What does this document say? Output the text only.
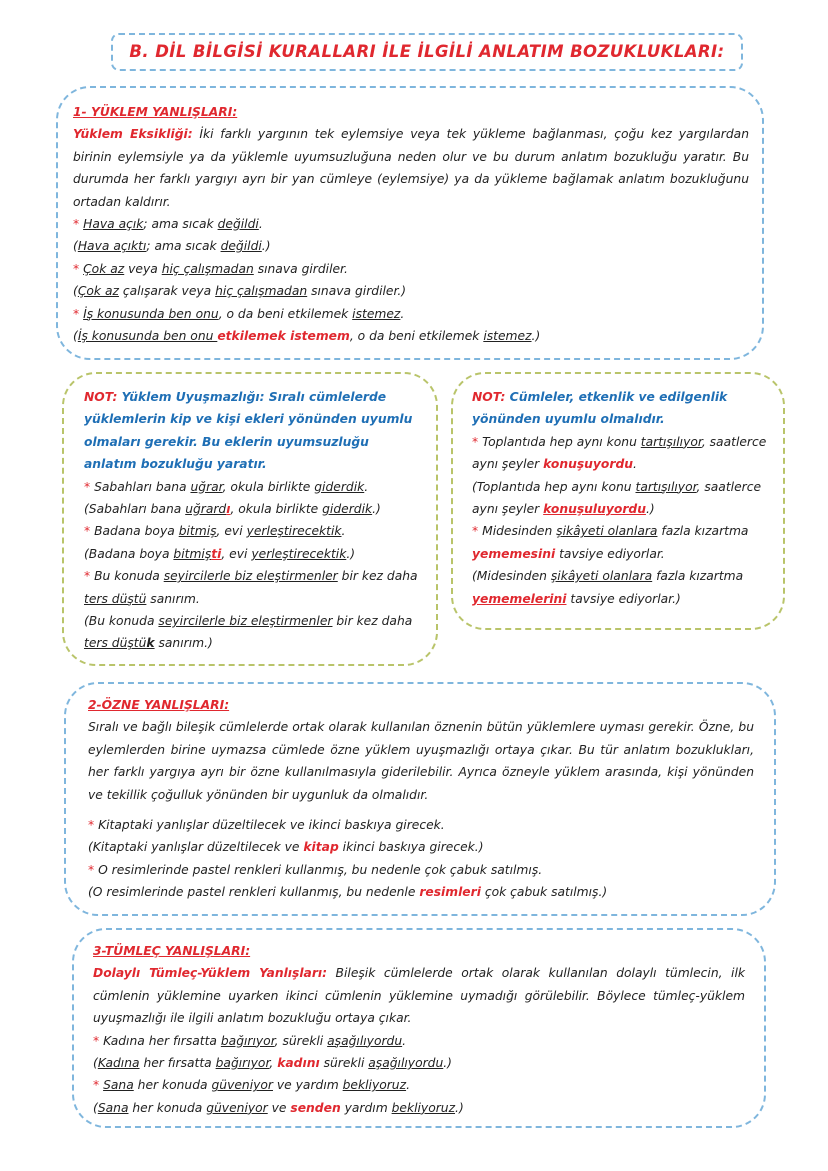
B. DİL BİLGİSİ KURALLARI İLE İLGİLİ ANLATIM BOZUKLUKLARI:

1- YÜKLEM YANLIŞLARI:

Yüklem Eksikliği: İki farklı yargının tek eylemsiye veya tek yükleme bağlanması, çoğu kez yargılardan birinin eylemsiyle ya da yüklemle uyumsuzluğuna neden olur ve bu durum anlatım bozukluğu yaratır. Bu durumda her farklı yargıyı ayrı bir yan cümleye (eylemsiye) ya da yükleme bağlamak anlatım bozukluğunu ortadan kaldırır.

* Hava açık; ama sıcak değildi.

(Hava açıktı; ama sıcak değildi.)

* Çok az veya hiç çalışmadan sınava girdiler.

(Çok az çalışarak veya hiç çalışmadan sınava girdiler.)

* İş konusunda ben onu, o da beni etkilemek istemez.

(İş konusunda ben onu etkilemek istemem, o da beni etkilemek istemez.)

NOT: Yüklem Uyuşmazlığı: Sıralı cümlelerde yüklemlerin kip ve kişi ekleri yönünden uyumlu olmaları gerekir. Bu eklerin uyumsuzluğu anlatım bozukluğu yaratır.

* Sabahları bana uğrar, okula birlikte giderdik.

(Sabahları bana uğrardı, okula birlikte giderdik.)

* Badana boya bitmiş, evi yerleştirecektik.

(Badana boya bitmişti, evi yerleştirecektik.)

* Bu konuda seyircilerle biz eleştirmenler bir kez daha ters düştü sanırım.

(Bu konuda seyircilerle biz eleştirmenler bir kez daha ters düştük sanırım.)

NOT: Cümleler, etkenlik ve edilgenlik yönünden uyumlu olmalıdır.

* Toplantıda hep aynı konu tartışılıyor, saatlerce aynı şeyler konuşuyordu.

(Toplantıda hep aynı konu tartışılıyor, saatlerce aynı şeyler konuşuluyordu.)

* Midesinden şikâyeti olanlara fazla kızartma yememesini tavsiye ediyorlar.

(Midesinden şikâyeti olanlara fazla kızartma yememelerini tavsiye ediyorlar.)

2-ÖZNE YANLIŞLARI:

Sıralı ve bağlı bileşik cümlelerde ortak olarak kullanılan öznenin bütün yüklemlere uyması gerekir. Özne, bu eylemlerden birine uymazsa cümlede özne yüklem uyuşmazlığı ortaya çıkar. Bu tür anlatım bozuklukları, her farklı yargıya ayrı bir özne kullanılmasıyla giderilebilir. Ayrıca özneyle yüklem arasında, kişi yönünden ve tekillik çoğulluk yönünden bir uygunluk da olmalıdır.

* Kitaptaki yanlışlar düzeltilecek ve ikinci baskıya girecek.

(Kitaptaki yanlışlar düzeltilecek ve kitap ikinci baskıya girecek.)

* O resimlerinde pastel renkleri kullanmış, bu nedenle çok çabuk satılmış.

(O resimlerinde pastel renkleri kullanmış, bu nedenle resimleri çok çabuk satılmış.)

3-TÜMLEÇ YANLIŞLARI:

Dolaylı Tümleç-Yüklem Yanlışları: Bileşik cümlelerde ortak olarak kullanılan dolaylı tümlecin, ilk cümlenin yüklemine uyarken ikinci cümlenin yüklemine uymadığı görülebilir. Böylece tümleç-yüklem uyuşmazlığı ile ilgili anlatım bozukluğu ortaya çıkar.

* Kadına her fırsatta bağırıyor, sürekli aşağılıyordu.

(Kadına her fırsatta bağırıyor, kadını sürekli aşağılıyordu.)

* Sana her konuda güveniyor ve yardım bekliyoruz.

(Sana her konuda güveniyor ve senden yardım bekliyoruz.)
